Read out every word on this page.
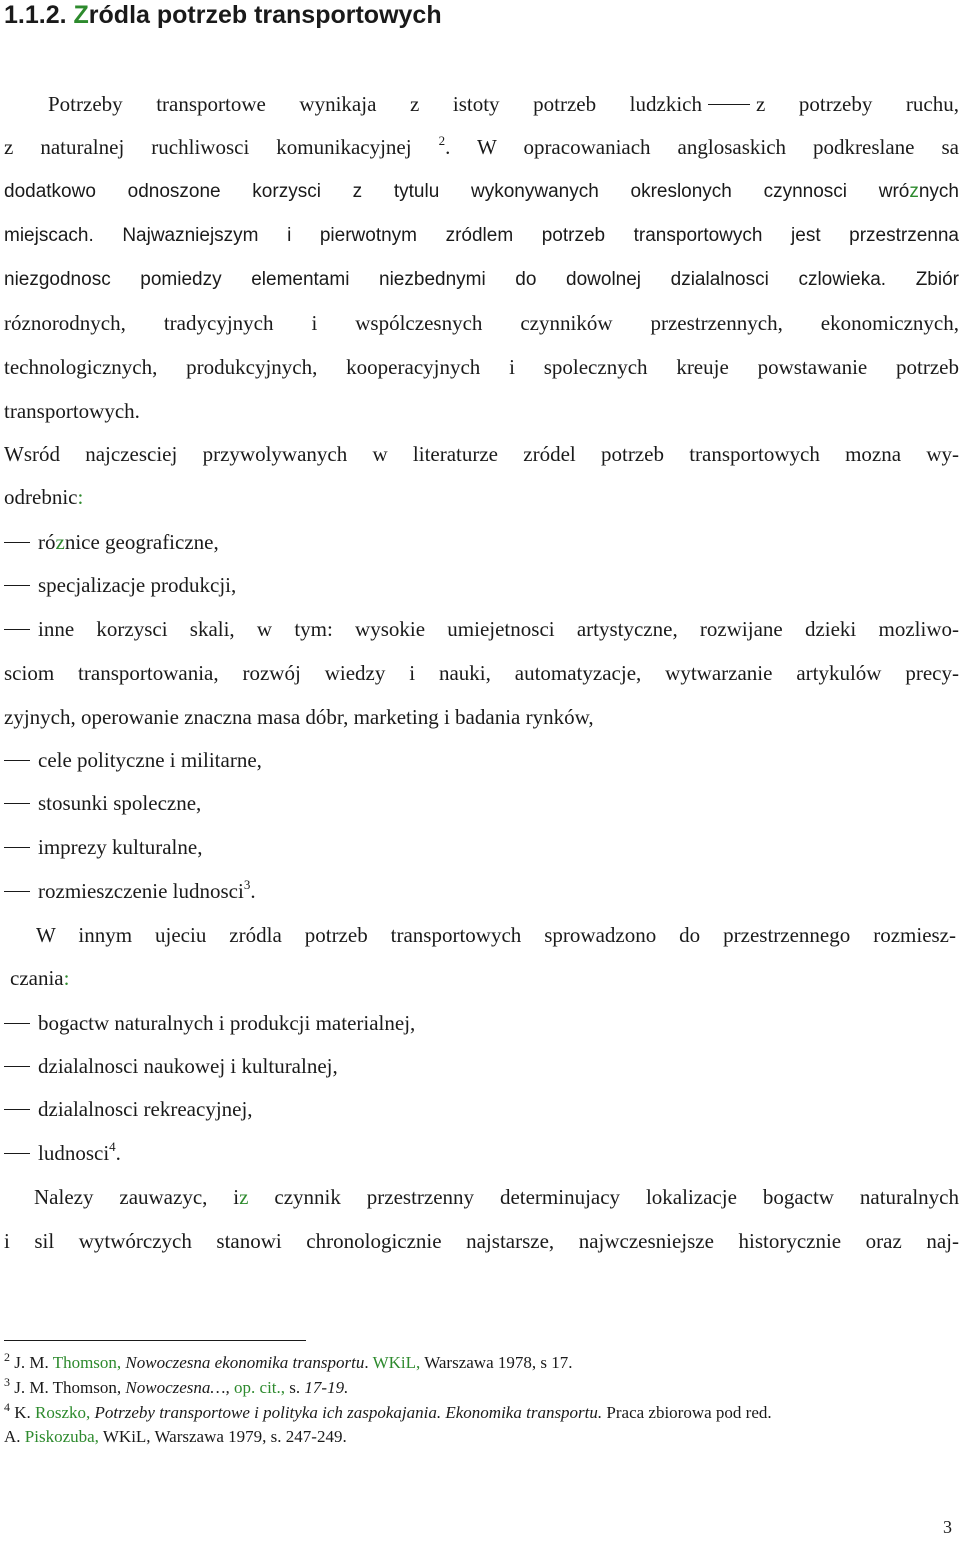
1.1.2. Zródla potrzeb transportowych

Potrzeby transportowe wynikaja z istoty potrzeb ludzkich	z potrzeby ruchu,

z naturalnej ruchliwosci komunikacyjnej $^2$. W opracowaniach anglosaskich podkreslane sa

dodatkowo odnoszone korzysci z tytulu wykonywanych okreslonych czynnosci wróznych

miejscach. Najwazniejszym i pierwotnym zródlem potrzeb transportowych jest przestrzenna

niezgodnosc pomiedzy elementami niezbednymi do dowolnej dzialalnosci czlowieka. Zbiór

róznorodnych, tradycyjnych i wspólczesnych czynników przestrzennych, ekonomicznych,

technologicznych, produkcyjnych, kooperacyjnych i spolecznych kreuje powstawanie potrzeb

transportowych.

Wsród najczesciej przywolywanych w literaturze zródel potrzeb transportowych mozna wy-

odrebnic:

róznice geograficzne,

specjalizacje produkcji,

inne korzysci skali, w tym: wysokie umiejetnosci artystyczne, rozwijane dzieki mozliwo-

sciom transportowania, rozwój wiedzy i nauki, automatyzacje, wytwarzanie artykulów precy-

zyjnych, operowanie znaczna masa dóbr, marketing i badania rynków,

cele polityczne i militarne,

stosunki spoleczne,

imprezy kulturalne,

rozmieszczenie ludnosci$^3$.

W innym ujeciu zródla potrzeb transportowych sprowadzono do przestrzennego rozmiesz-

czania:

bogactw naturalnych i produkcji materialnej,

dzialalnosci naukowej i kulturalnej,

dzialalnosci rekreacyjnej,

ludnosci$^4$.

Nalezy zauwazyc, iz czynnik przestrzenny determinujacy lokalizacje bogactw naturalnych

i sil wytwórczych stanowi chronologicznie najstarsze, najwczesniejsze historycznie oraz naj-

$^2$ J. M. Thomson, Nowoczesna ekonomika transportu. WKiL, Warszawa 1978, s 17.

$^3$ J. M. Thomson, Nowoczesna…, op. cit., s. 17-19.

$^4$ K. Roszko, Potrzeby transportowe i polityka ich zaspokajania. Ekonomika transportu. Praca zbiorowa pod red.

A. Piskozuba, WKiL, Warszawa 1979, s. 247-249.

3
